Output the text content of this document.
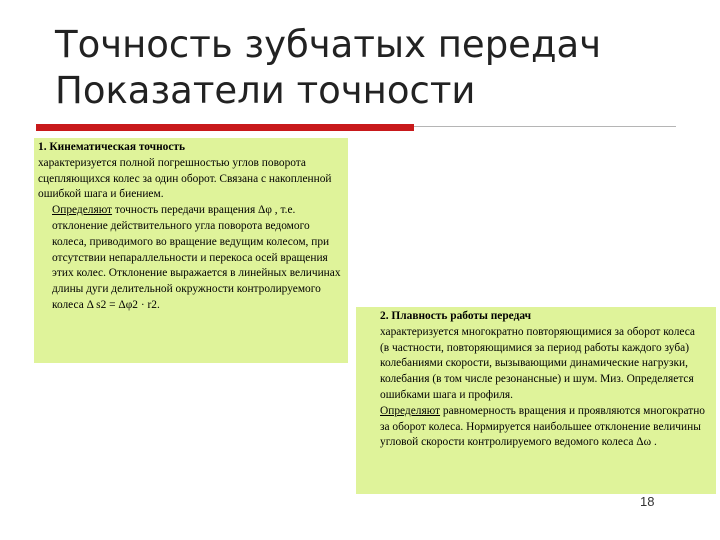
Точность зубчатых передач
Показатели точности
1. Кинематическая точность
характеризуется полной погрешностью углов поворота сцепляющихся колес за один оборот. Связана с накопленной ошибкой шага и биением.
Определяют точность передачи вращения Δφ , т.е. отклонение действительного угла поворота ведомого колеса, приводимого во вращение ведущим колесом, при отсутствии непараллельности и перекоса осей вращения этих колес. Отклонение выражается в линейных величинах длины дуги делительной окружности контролируемого колеса Δ s2 = Δφ2 · r2.
2. Плавность работы передач
характеризуется многократно повторяющимися за оборот колеса (в частности, повторяющимися за период работы каждого зуба) колебаниями скорости, вызывающими динамические нагрузки, колебания (в том числе резонансные) и шум. Миз. Определяется ошибками шага и профиля.
Определяют равномерность вращения и проявляются многократно за оборот колеса. Нормируется наибольшее отклонение величины угловой скорости контролируемого ведомого колеса Δω .
18
